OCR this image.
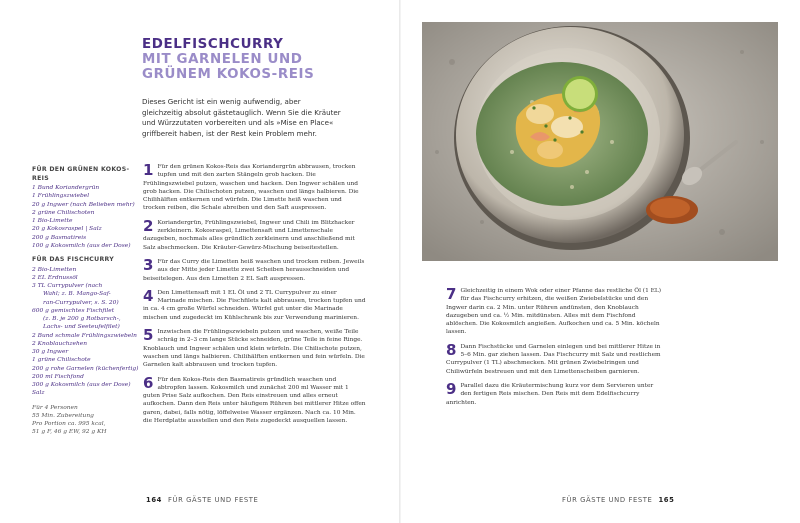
EDELFISCHCURRY
MIT GARNELEN UND
GRÜNEM KOKOS-REIS
Dieses Gericht ist ein wenig aufwendig, aber gleichzeitig absolut gästetauglich. Wenn Sie die Kräuter und Würzzutaten vorbereiten und als »Mise en Place« griffbereit haben, ist der Rest kein Problem mehr.
FÜR DEN GRÜNEN KOKOS-REIS
1 Bund Koriandergrün
1 Frühlingszwiebel
20 g Ingwer (nach Belieben mehr)
2 grüne Chilischoten
1 Bio-Limette
20 g Kokosraspel | Salz
200 g Basmatireis
100 g Kokosmilch (aus der Dose)
FÜR DAS FISCHCURRY
2 Bio-Limetten
2 EL Erdnussöl
3 TL Currypulver (nach
Wahl; z. B. Mango-Saf-
ran-Currypulver, s. S. 20)
600 g gemischtes Fischfilet
(z. B. je 200 g Rotbarsch-,
Lachs- und Seeteufelfilet)
2 Bund schmale Frühlingszwiebeln
2 Knoblauchzehen
30 g Ingwer
1 grüne Chilischote
200 g rohe Garnelen (küchenfertig)
200 ml Fischfond
300 g Kokosmilch (aus der Dose)
Salz
Für 4 Personen
55 Min. Zubereitung
Pro Portion ca. 995 kcal,
51 g F, 46 g EW, 92 g KH
1 Für den grünen Kokos-Reis das Koriandergrün abbrausen, trocken tupfen und mit den zarten Stängeln grob hacken. Die Frühlingszwiebel putzen, waschen und hacken. Den Ingwer schälen und grob hacken. Die Chilischoten putzen, waschen und längs halbieren. Die Chilihälften entkernen und würfeln. Die Limette heiß waschen und trocken reiben, die Schale abreiben und den Saft auspressen.
2 Koriandergrün, Frühlingszwiebel, Ingwer und Chili im Blitzhacker zerkleinern. Kokosraspel, Limettensaft und Limettenschale dazugeben, nochmals alles gründlich zerkleinern und anschließend mit Salz abschmecken. Die Kräuter-Gewürz-Mischung beiseitestellen.
3 Für das Curry die Limetten heiß waschen und trocken reiben. Jeweils aus der Mitte jeder Limette zwei Scheiben herausschneiden und beiseitelegen. Aus den Limetten 2 EL Saft auspressen.
4 Den Limettensaft mit 1 EL Öl und 2 TL Currypulver zu einer Marinade mischen. Die Fischfilets kalt abbrausen, trocken tupfen und in ca. 4 cm große Würfel schneiden. Würfel gut unter die Marinade mischen und zugedeckt im Kühlschrank bis zur Verwendung marinieren.
5 Inzwischen die Frühlingszwiebeln putzen und waschen, weiße Teile schräg in 2–3 cm lange Stücke schneiden, grüne Teile in feine Ringe. Knoblauch und Ingwer schälen und klein würfeln. Die Chilischote putzen, waschen und längs halbieren. Chilihälften entkernen und fein würfeln. Die Garnelen kalt abbrausen und trocken tupfen.
6 Für den Kokos-Reis den Basmatireis gründlich waschen und abtropfen lassen. Kokosmilch und zunächst 200 ml Wasser mit 1 guten Prise Salz aufkochen. Den Reis einstreuen und alles erneut aufkochen. Dann den Reis unter häufigem Rühren bei mittlerer Hitze offen garen, dabei, falls nötig, löffelweise Wasser ergänzen. Nach ca. 10 Min. die Herdplatte ausstellen und den Reis zugedeckt ausquellen lassen.
7 Gleichzeitig in einem Wok oder einer Pfanne das restliche Öl (1 EL) für das Fischcurry erhitzen, die weißen Zwiebelstücke und den Ingwer darin ca. 2 Min. unter Rühren andünsten, den Knoblauch dazugeben und ca. ½ Min. mitdünsten. Alles mit dem Fischfond ablöschen. Die Kokosmilch angießen. Aufkochen und ca. 5 Min. köcheln lassen.
8 Dann Fischstücke und Garnelen einlegen und bei mittlerer Hitze in 5–6 Min. gar ziehen lassen. Das Fischcurry mit Salz und restlichem Currypulver (1 TL) abschmecken. Mit grünen Zwiebelringen und Chiliwürfeln bestreuen und mit den Limettenscheiben garnieren.
9 Parallel dazu die Kräutermischung kurz vor dem Servieren unter den fertigen Reis mischen. Den Reis mit dem Edelfischcurry anrichten.
164 FÜR GÄSTE UND FESTE	FÜR GÄSTE UND FESTE 165
